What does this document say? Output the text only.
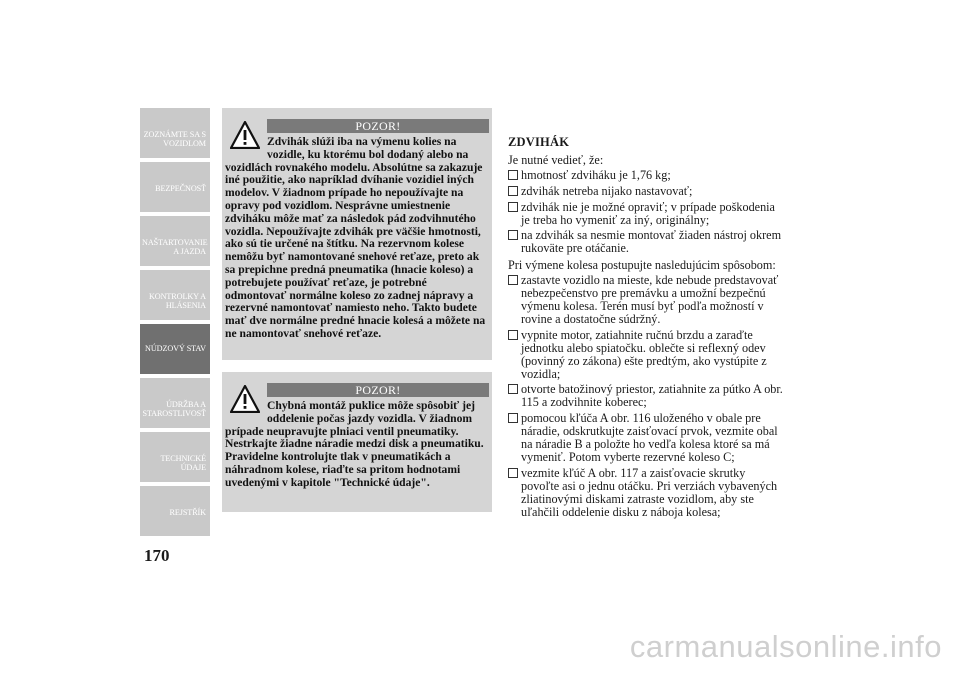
ZOZNÁMTE SA S VOZIDLOM
BEZPEČNOSŤ
NAŠTARTOVANIE A JAZDA
KONTROLKY A HLÁSENIA
NÚDZOVÝ STAV
ÚDRŽBA A STAROSTLIVOSŤ
TECHNICKÉ ÚDAJE
REJSTŘÍK
170
POZOR!
Zdvihák slúži iba na výmenu kolies na vozidle, ku ktorému bol dodaný alebo na vozidlách rovnakého modelu. Absolútne sa zakazuje iné použitie, ako napríklad dvíhanie vozidiel iných modelov. V žiadnom prípade ho nepoužívajte na opravy pod vozidlom. Nesprávne umiestnenie zdviháku môže mať za následok pád zodvihnutého vozidla. Nepoužívajte zdvihák pre väčšie hmotnosti, ako sú tie určené na štítku. Na rezervnom kolese nemôžu byť namontované snehové reťaze, preto ak sa prepichne predná pneumatika (hnacie koleso) a potrebujete používať reťaze, je potrebné odmontovať normálne koleso zo zadnej nápravy a rezervné namontovať namiesto neho. Takto budete mať dve normálne predné hnacie kolesá a môžete na ne namontovať snehové reťaze.
POZOR!
Chybná montáž puklice môže spôsobiť jej oddelenie počas jazdy vozidla. V žiadnom prípade neupravujte plniaci ventil pneumatiky. Nestrkajte žiadne náradie medzi disk a pneumatiku. Pravidelne kontrolujte tlak v pneumatikách a náhradnom kolese, riaďte sa pritom hodnotami uvedenými v kapitole "Technické údaje".
ZDVIHÁK

Je nutné vedieť, že:

hmotnosť zdviháku je 1,76 kg;
zdvihák netreba nijako nastavovať;
zdvihák nie je možné opraviť; v prípade poškodenia je treba ho vymeniť za iný, originálny;
na zdvihák sa nesmie montovať žiaden nástroj okrem rukoväte pre otáčanie.

Pri výmene kolesa postupujte nasledujúcim spôsobom:

zastavte vozidlo na mieste, kde nebude predstavovať nebezpečenstvo pre premávku a umožní bezpečnú výmenu kolesa. Terén musí byť podľa možností v rovine a dostatočne súdržný.
vypnite motor, zatiahnite ručnú brzdu a zaraďte jednotku alebo spiatočku. oblečte si reflexný odev (povinný zo zákona) ešte predtým, ako vystúpite z vozidla;
otvorte batožinový priestor, zatiahnite za pútko A obr. 115 a zodvihnite koberec;
pomocou kľúča A obr. 116 uloženého v obale pre náradie, odskrutkujte zaisťovací prvok, vezmite obal na náradie B a položte ho vedľa kolesa ktoré sa má vymeniť. Potom vyberte rezervné koleso C;
vezmite kľúč A obr. 117 a zaisťovacie skrutky povoľte asi o jednu otáčku. Pri verziách vybavených zliatinovými diskami zatraste vozidlom, aby ste uľahčili oddelenie disku z náboja kolesa;
carmanualsonline.info
